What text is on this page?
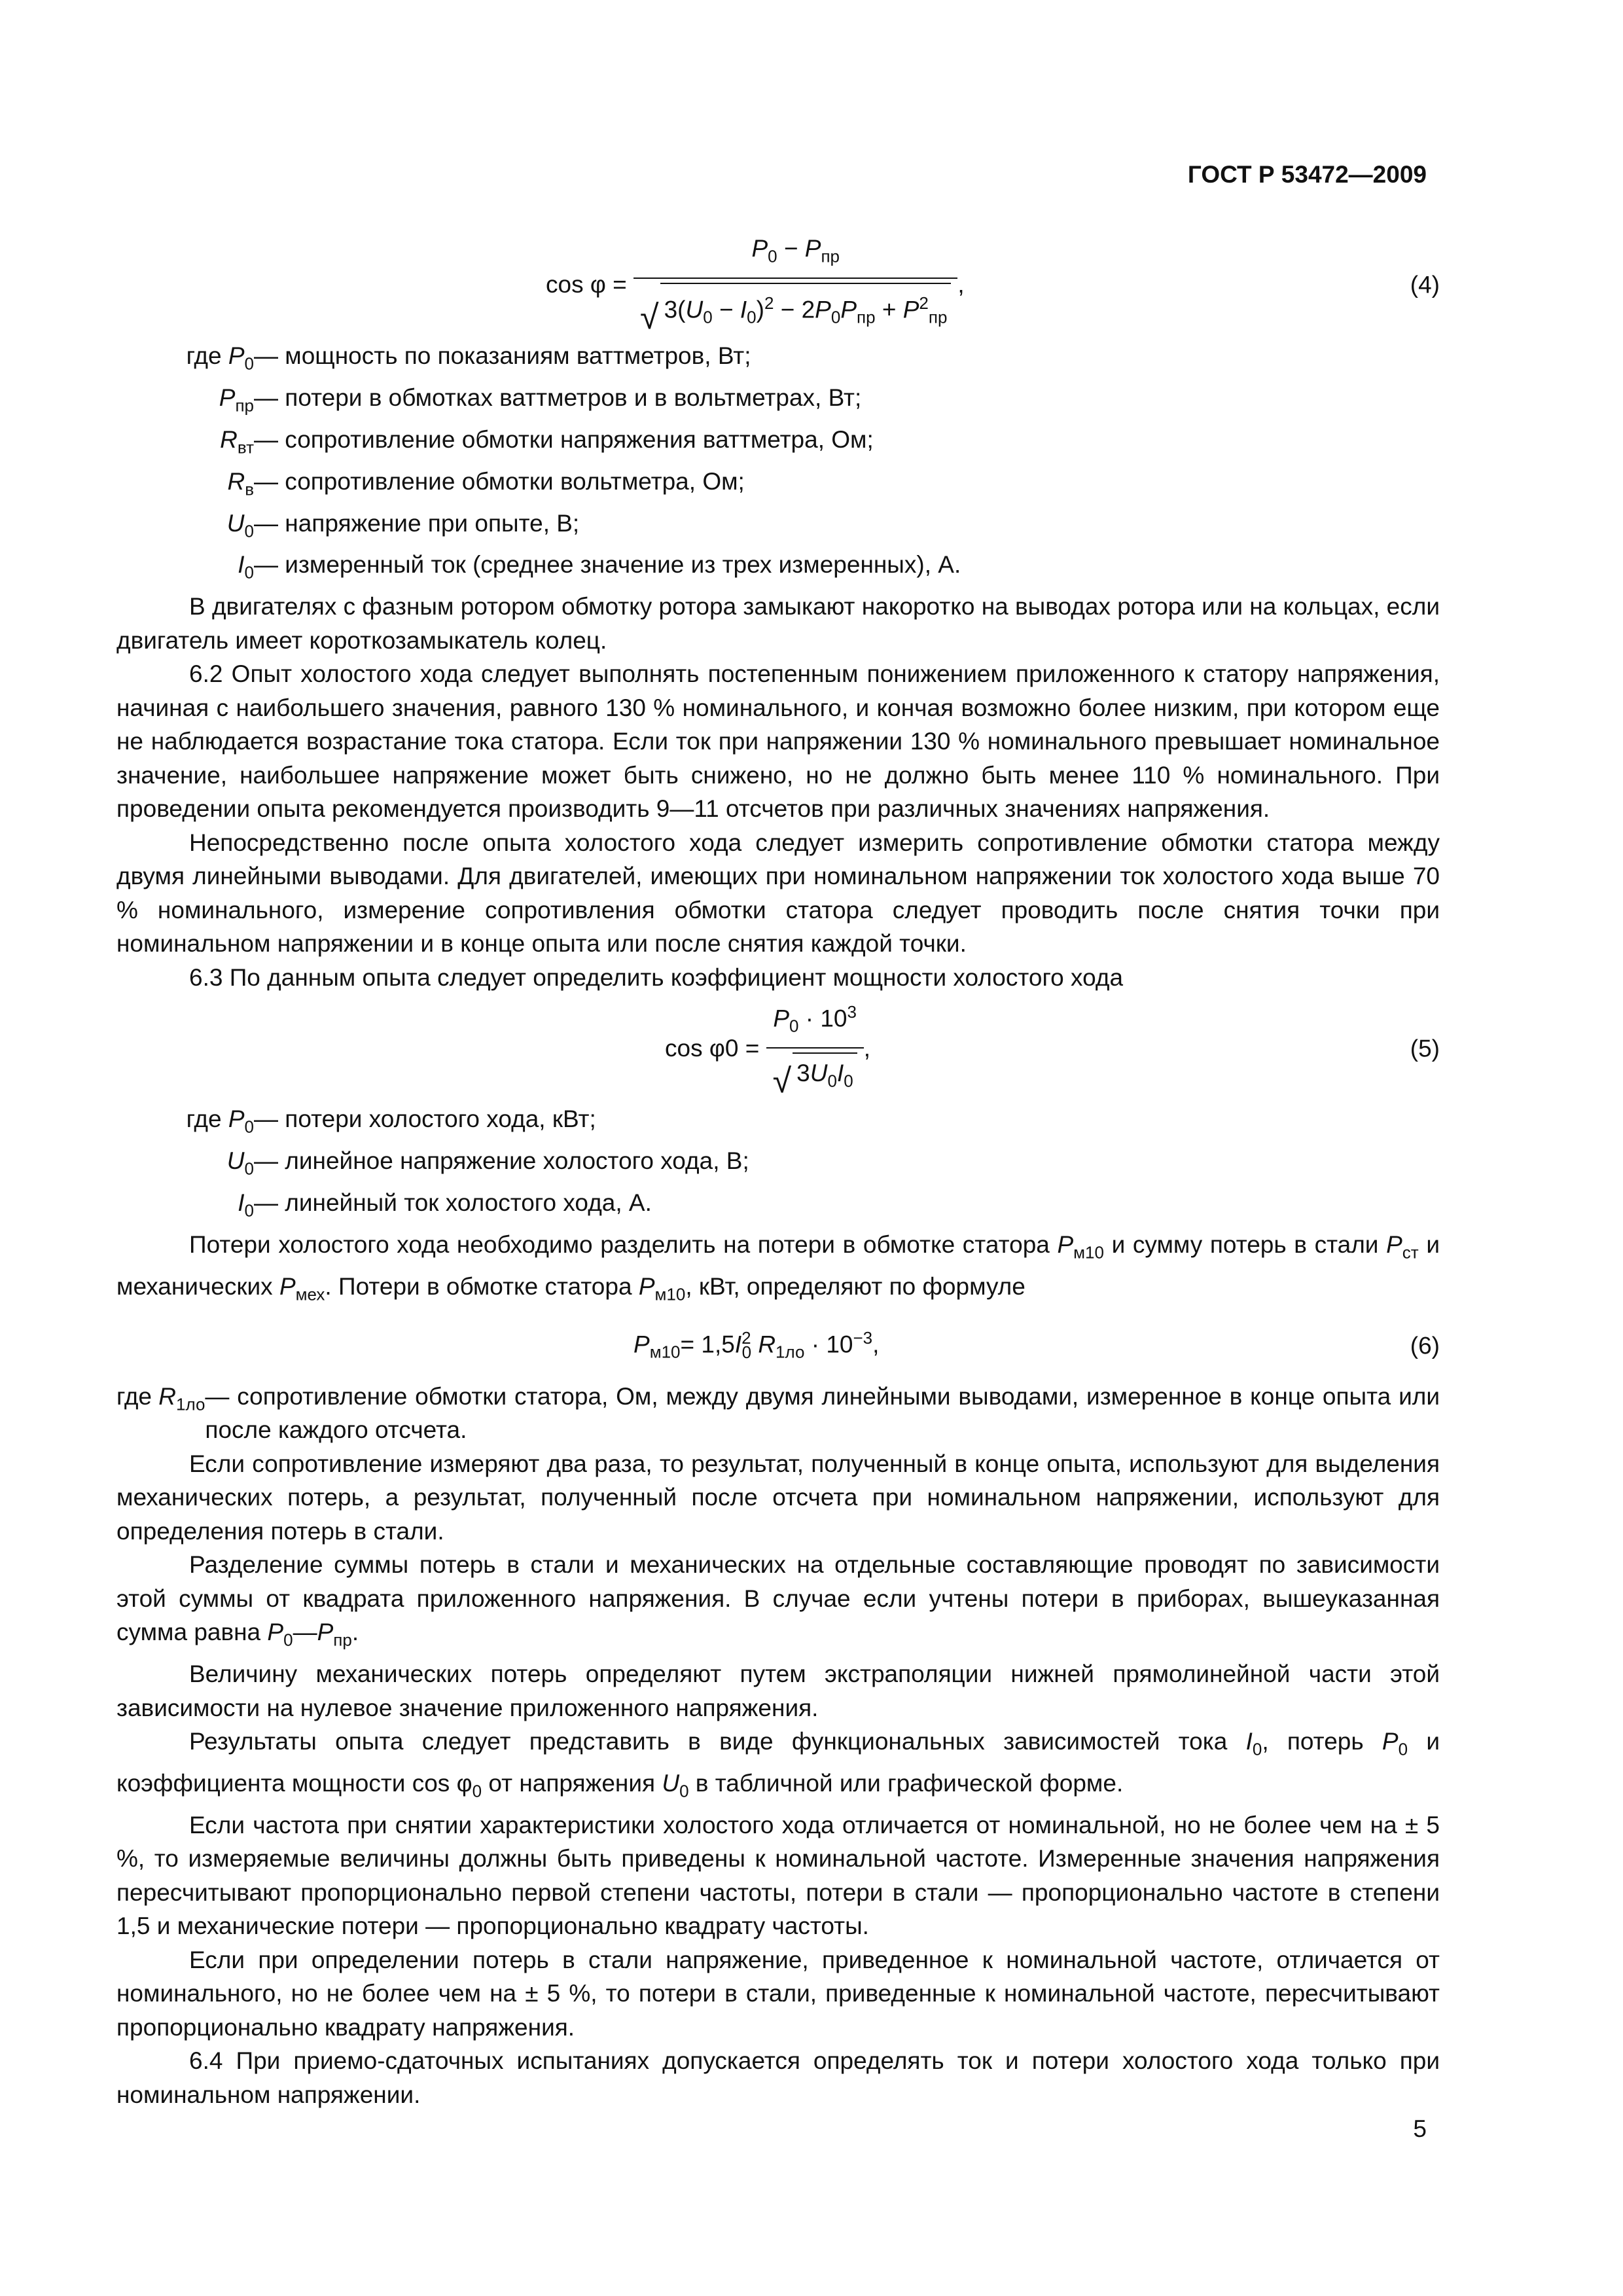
ГОСТ Р 53472—2009
cos φ =
$\frac{P_0 - P_{пр}}{√ 3(U_0 - I_0)^2 - 2P_0P_{пр} + P^2_{пр}}$ ,	(4)
где $P_0$ — мощность по показаниям ваттметров, Вт;
$P_{пр}$ — потери в обмотках ваттметров и в вольтметрах, Вт;
$R_{вт}$ — сопротивление обмотки напряжения ваттметра, Ом;
$R_в$ — сопротивление обмотки вольтметра, Ом;
$U_0$ — напряжение при опыте, В;
$I_0$ — измеренный ток (среднее значение из трех измеренных), А.

В двигателях с фазным ротором обмотку ротора замыкают накоротко на выводах ротора или на кольцах, если двигатель имеет короткозамыкатель колец.

6.2 Опыт холостого хода следует выполнять постепенным понижением приложенного к статору напряжения, начиная с наибольшего значения, равного 130 % номинального, и кончая возможно более низким, при котором еще не наблюдается возрастание тока статора. Если ток при напряжении 130 % номинального превышает номинальное значение, наибольшее напряжение может быть снижено, но не должно быть менее 110 % номинального. При проведении опыта рекомендуется производить 9—11 отсчетов при различных значениях напряжения.

Непосредственно после опыта холостого хода следует измерить сопротивление обмотки статора между двумя линейными выводами. Для двигателей, имеющих при номинальном напряжении ток холостого хода выше 70 % номинального, измерение сопротивления обмотки статора следует проводить после снятия точки при номинальном напряжении и в конце опыта или после снятия каждой точки.

6.3 По данным опыта следует определить коэффициент мощности холостого хода

cos φ0 =
$\frac{P_0 \cdot 10^3}{√ 3U_0I_0}$ ,	(5)
где $P_0$ — потери холостого хода, кВт;
$U_0$ — линейное напряжение холостого хода, В;
$I_0$ — линейный ток холостого хода, А.

Потери холостого хода необходимо разделить на потери в обмотке статора $P_{м10}$ и сумму потерь в стали $P_{ст}$ и механических $P_{мех}$. Потери в обмотке статора $P_{м10}$, кВт, определяют по формуле

$P_{м10}= 1,5I^2_0$ $R_{1ло} \cdot 10^{-3}$,	(6)
где $R_{1ло}$ — сопротивление обмотки статора, Ом, между двумя линейными выводами, измеренное в конце опыта или после каждого отсчета.

Если сопротивление измеряют два раза, то результат, полученный в конце опыта, используют для выделения механических потерь, а результат, полученный после отсчета при номинальном напряжении, используют для определения потерь в стали.

Разделение суммы потерь в стали и механических на отдельные составляющие проводят по зависимости этой суммы от квадрата приложенного напряжения. В случае если учтены потери в приборах, вышеуказанная сумма равна $P_0—P_{пр}$.

Величину механических потерь определяют путем экстраполяции нижней прямолинейной части этой зависимости на нулевое значение приложенного напряжения.

Результаты опыта следует представить в виде функциональных зависимостей тока $I_0$, потерь $P_0$ и коэффициента мощности $\cos \varphi_0$ от напряжения $U_0$ в табличной или графической форме.

Если частота при снятии характеристики холостого хода отличается от номинальной, но не более чем на ± 5 %, то измеряемые величины должны быть приведены к номинальной частоте. Измеренные значения напряжения пересчитывают пропорционально первой степени частоты, потери в стали — пропорционально частоте в степени 1,5 и механические потери — пропорционально квадрату частоты.

Если при определении потерь в стали напряжение, приведенное к номинальной частоте, отличается от номинального, но не более чем на ± 5 %, то потери в стали, приведенные к номинальной частоте, пересчитывают пропорционально квадрату напряжения.

6.4 При приемо-сдаточных испытаниях допускается определять ток и потери холостого хода только при номинальном напряжении.

5
